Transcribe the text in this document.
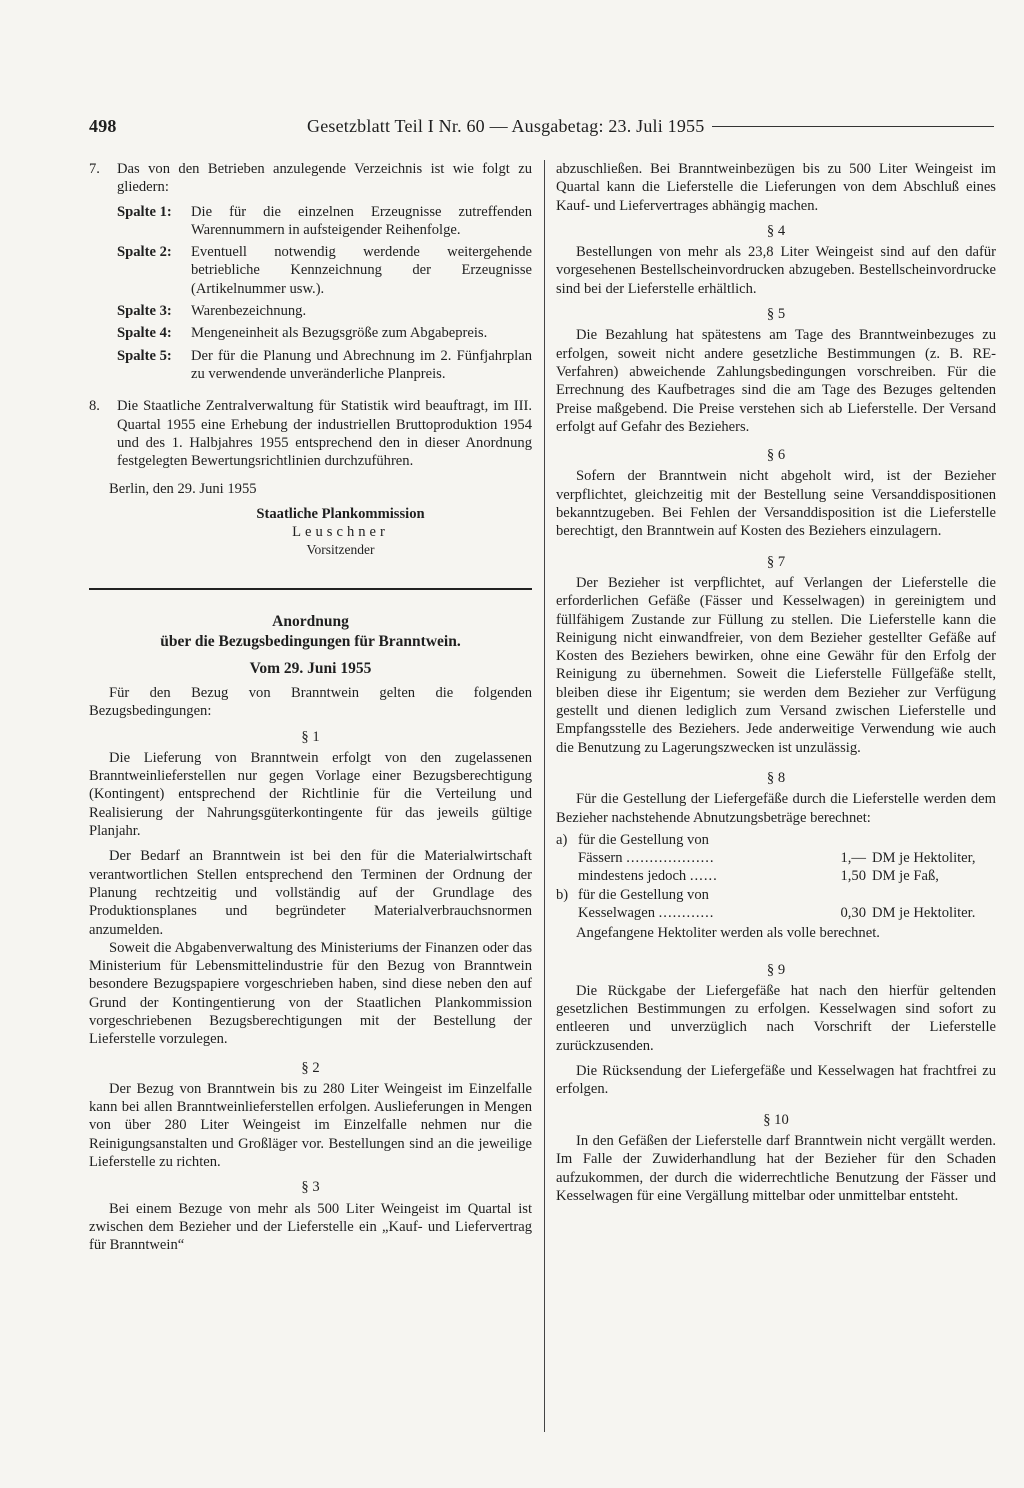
498	Gesetzblatt Teil I Nr. 60 — Ausgabetag: 23. Juli 1955
7.	Das von den Betrieben anzulegende Verzeichnis ist wie folgt zu gliedern:
Spalte 1:	Die für die einzelnen Erzeugnisse zutreffenden Warennummern in aufsteigender Reihenfolge.
Spalte 2:	Eventuell notwendig werdende weitergehende betriebliche Kennzeichnung der Erzeugnisse (Artikelnummer usw.).
Spalte 3:	Warenbezeichnung.
Spalte 4:	Mengeneinheit als Bezugsgröße zum Abgabepreis.
Spalte 5:	Der für die Planung und Abrechnung im 2. Fünfjahrplan zu verwendende unveränderliche Planpreis.
8.	Die Staatliche Zentralverwaltung für Statistik wird beauftragt, im III. Quartal 1955 eine Erhebung der industriellen Bruttoproduktion 1954 und des 1. Halbjahres 1955 entsprechend den in dieser Anordnung festgelegten Bewertungsrichtlinien durchzuführen.

Berlin, den 29. Juni 1955

Staatliche Plankommission
Leuschner
Vorsitzender
Anordnung
über die Bezugsbedingungen für Branntwein.
Vom 29. Juni 1955

Für den Bezug von Branntwein gelten die folgenden Bezugsbedingungen:

§ 1

Die Lieferung von Branntwein erfolgt von den zugelassenen Branntweinlieferstellen nur gegen Vorlage einer Bezugsberechtigung (Kontingent) entsprechend der Richtlinie für die Verteilung und Realisierung der Nahrungsgüterkontingente für das jeweils gültige Planjahr.

Der Bedarf an Branntwein ist bei den für die Materialwirtschaft verantwortlichen Stellen entsprechend den Terminen der Ordnung der Planung rechtzeitig und vollständig auf der Grundlage des Produktionsplanes und begründeter Materialverbrauchsnormen anzumelden.

Soweit die Abgabenverwaltung des Ministeriums der Finanzen oder das Ministerium für Lebensmittelindustrie für den Bezug von Branntwein besondere Bezugspapiere vorgeschrieben haben, sind diese neben den auf Grund der Kontingentierung von der Staatlichen Plankommission vorgeschriebenen Bezugsberechtigungen mit der Bestellung der Lieferstelle vorzulegen.

§ 2

Der Bezug von Branntwein bis zu 280 Liter Weingeist im Einzelfalle kann bei allen Branntweinlieferstellen erfolgen. Auslieferungen in Mengen von über 280 Liter Weingeist im Einzelfalle nehmen nur die Reinigungsanstalten und Großläger vor. Bestellungen sind an die jeweilige Lieferstelle zu richten.

§ 3

Bei einem Bezuge von mehr als 500 Liter Weingeist im Quartal ist zwischen dem Bezieher und der Lieferstelle ein „Kauf- und Liefervertrag für Branntwein“

abzuschließen. Bei Branntweinbezügen bis zu 500 Liter Weingeist im Quartal kann die Lieferstelle die Lieferungen von dem Abschluß eines Kauf- und Liefervertrages abhängig machen.

§ 4

Bestellungen von mehr als 23,8 Liter Weingeist sind auf den dafür vorgesehenen Bestellscheinvordrucken abzugeben. Bestellscheinvordrucke sind bei der Lieferstelle erhältlich.

§ 5

Die Bezahlung hat spätestens am Tage des Branntweinbezuges zu erfolgen, soweit nicht andere gesetzliche Bestimmungen (z. B. RE-Verfahren) abweichende Zahlungsbedingungen vorschreiben. Für die Errechnung des Kaufbetrages sind die am Tage des Bezuges geltenden Preise maßgebend. Die Preise verstehen sich ab Lieferstelle. Der Versand erfolgt auf Gefahr des Beziehers.

§ 6

Sofern der Branntwein nicht abgeholt wird, ist der Bezieher verpflichtet, gleichzeitig mit der Bestellung seine Versanddispositionen bekanntzugeben. Bei Fehlen der Versanddisposition ist die Lieferstelle berechtigt, den Branntwein auf Kosten des Beziehers einzulagern.

§ 7

Der Bezieher ist verpflichtet, auf Verlangen der Lieferstelle die erforderlichen Gefäße (Fässer und Kesselwagen) in gereinigtem und füllfähigem Zustande zur Füllung zu stellen. Die Lieferstelle kann die Reinigung nicht einwandfreier, von dem Bezieher gestellter Gefäße auf Kosten des Beziehers bewirken, ohne eine Gewähr für den Erfolg der Reinigung zu übernehmen. Soweit die Lieferstelle Füllgefäße stellt, bleiben diese ihr Eigentum; sie werden dem Bezieher zur Verfügung gestellt und dienen lediglich zum Versand zwischen Lieferstelle und Empfangsstelle des Beziehers. Jede anderweitige Verwendung wie auch die Benutzung zu Lagerungszwecken ist unzulässig.

§ 8

Für die Gestellung der Liefergefäße durch die Lieferstelle werden dem Bezieher nachstehende Abnutzungsbeträge berechnet:

a) für die Gestellung von
Fässern ...................	1,— DM je Hektoliter,
mindestens jedoch ......	1,50 DM je Faß,
b) für die Gestellung von
Kesselwagen ............	0,30 DM je Hektoliter.

Angefangene Hektoliter werden als volle berechnet.

§ 9

Die Rückgabe der Liefergefäße hat nach den hierfür geltenden gesetzlichen Bestimmungen zu erfolgen. Kesselwagen sind sofort zu entleeren und unverzüglich nach Vorschrift der Lieferstelle zurückzusenden.

Die Rücksendung der Liefergefäße und Kesselwagen hat frachtfrei zu erfolgen.

§ 10

In den Gefäßen der Lieferstelle darf Branntwein nicht vergällt werden. Im Falle der Zuwiderhandlung hat der Bezieher für den Schaden aufzukommen, der durch die widerrechtliche Benutzung der Fässer und Kesselwagen für eine Vergällung mittelbar oder unmittelbar entsteht.
